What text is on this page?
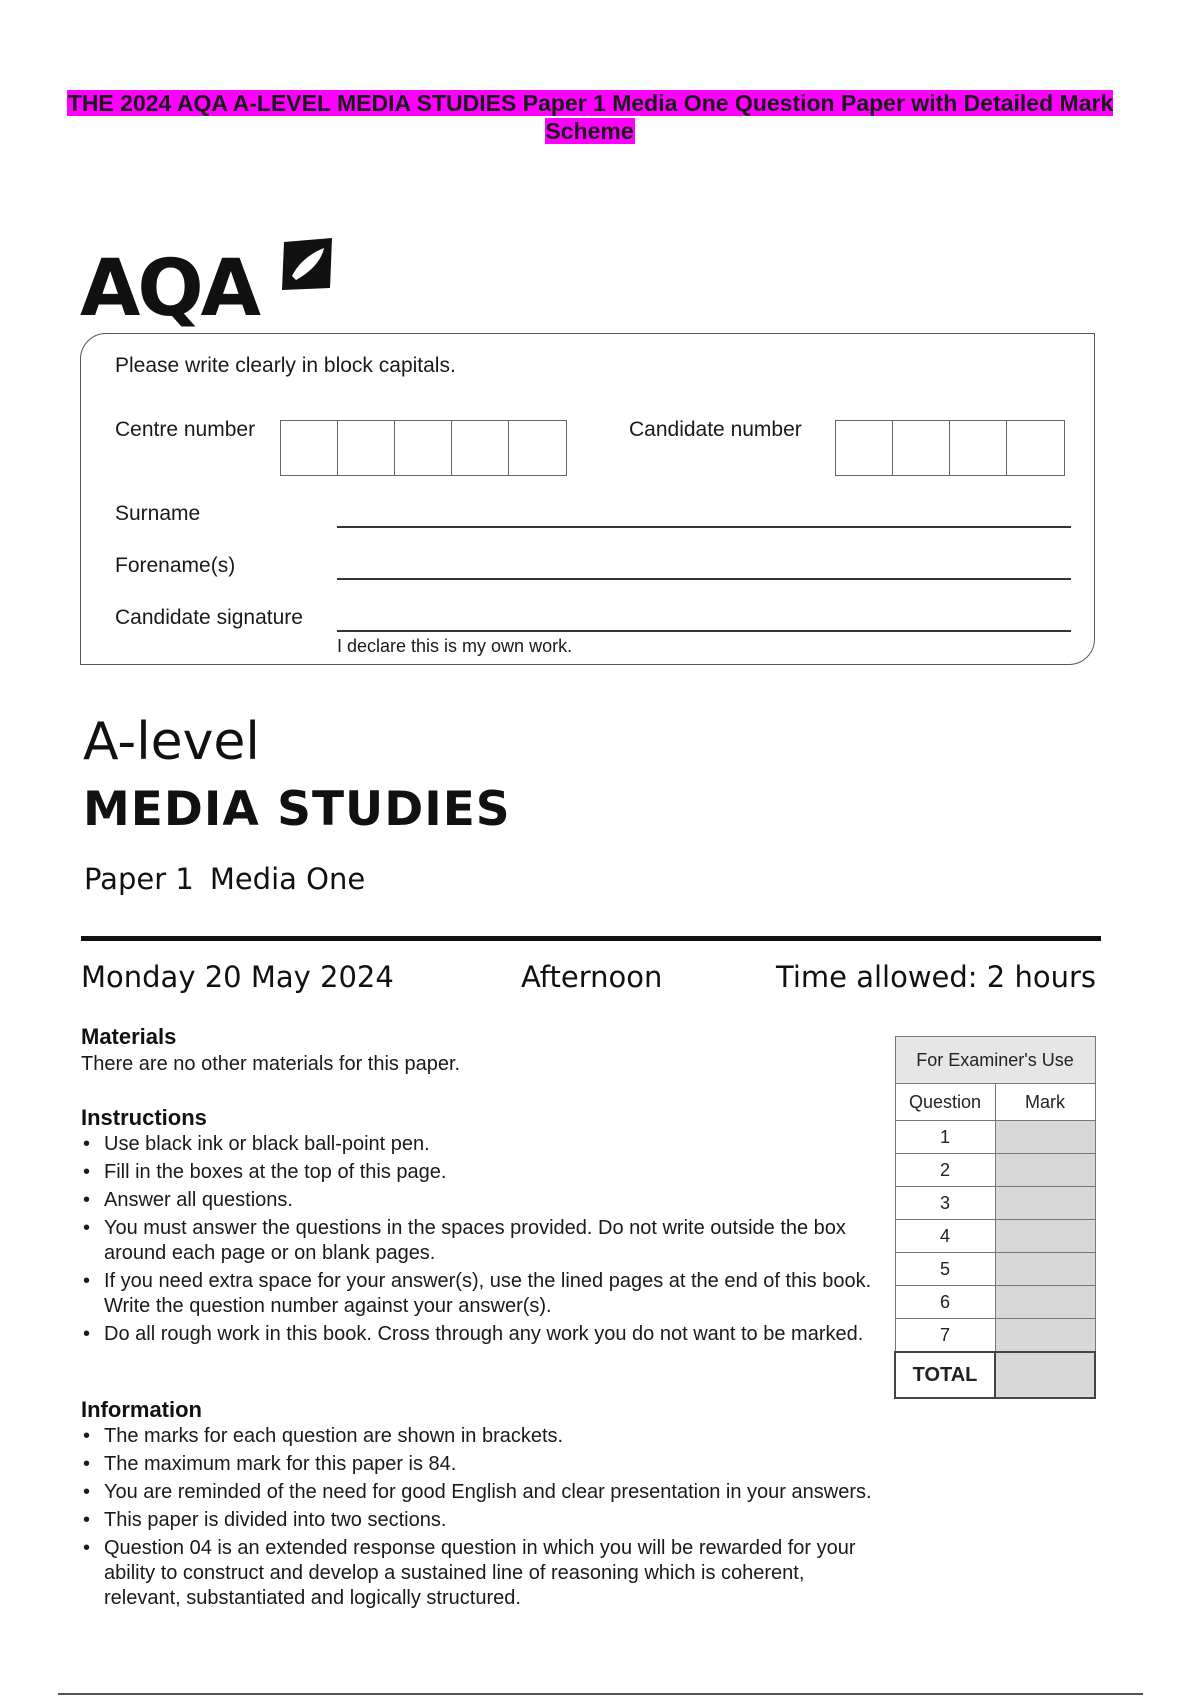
THE 2024 AQA A-LEVEL MEDIA STUDIES Paper 1 Media One Question Paper with Detailed Mark Scheme
AQA
Please write clearly in block capitals.
Centre number	Candidate number
Surname
Forename(s)
Candidate signature
I declare this is my own work.
A-level
MEDIA STUDIES
Paper 1 Media One
Monday 20 May 2024	Afternoon	Time allowed: 2 hours
Materials
There are no other materials for this paper.
Instructions
• Use black ink or black ball-point pen.
• Fill in the boxes at the top of this page.
• Answer all questions.
• You must answer the questions in the spaces provided. Do not write outside the box around each page or on blank pages.
• If you need extra space for your answer(s), use the lined pages at the end of this book. Write the question number against your answer(s).
• Do all rough work in this book. Cross through any work you do not want to be marked.
Information
• The marks for each question are shown in brackets.
• The maximum mark for this paper is 84.
• You are reminded of the need for good English and clear presentation in your answers.
• This paper is divided into two sections.
• Question 04 is an extended response question in which you will be rewarded for your ability to construct and develop a sustained line of reasoning which is coherent, relevant, substantiated and logically structured.
For Examiner's Use	
Question	Mark
1	
2	
3	
4	
5	
6	
7	
TOTAL	
